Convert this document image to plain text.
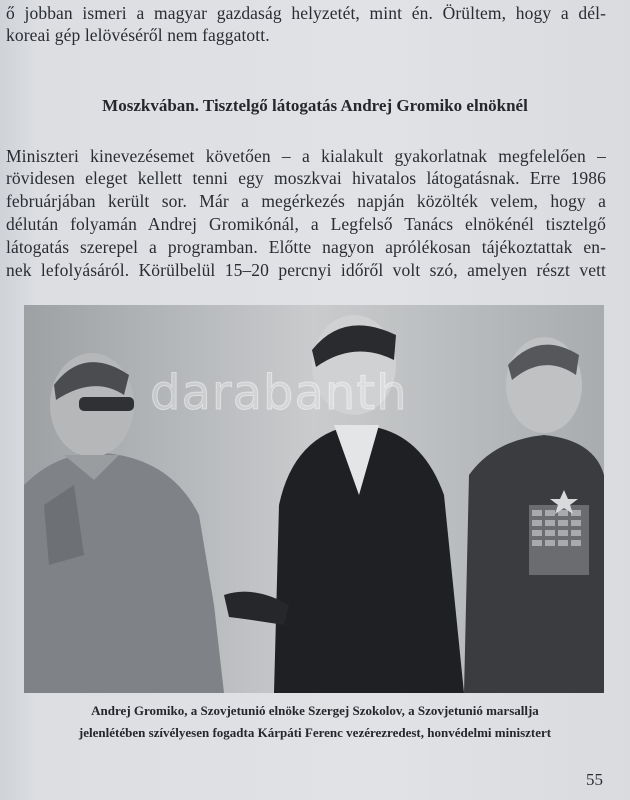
ő jobban ismeri a magyar gazdaság helyzetét, mint én. Örültem, hogy a dél-
koreai gép lelövéséről nem faggatott.
Moszkvában. Tisztelgő látogatás Andrej Gromiko elnöknél
Miniszteri kinevezésemet követően – a kialakult gyakorlatnak megfelelően –
rövidesen eleget kellett tenni egy moszkvai hivatalos látogatásnak. Erre 1986
februárjában került sor. Már a megérkezés napján közölték velem, hogy a
délután folyamán Andrej Gromikónál, a Legfelső Tanács elnökénél tisztelgő
látogatás szerepel a programban. Előtte nagyon aprólékosan tájékoztattak en-
nek lefolyásáról. Körülbelül 15–20 percnyi időről volt szó, amelyen részt vett
darabanth
Andrej Gromiko, a Szovjetunió elnöke Szergej Szokolov, a Szovjetunió marsallja
jelenlétében szívélyesen fogadta Kárpáti Ferenc vezérezredest, honvédelmi minisztert
55
